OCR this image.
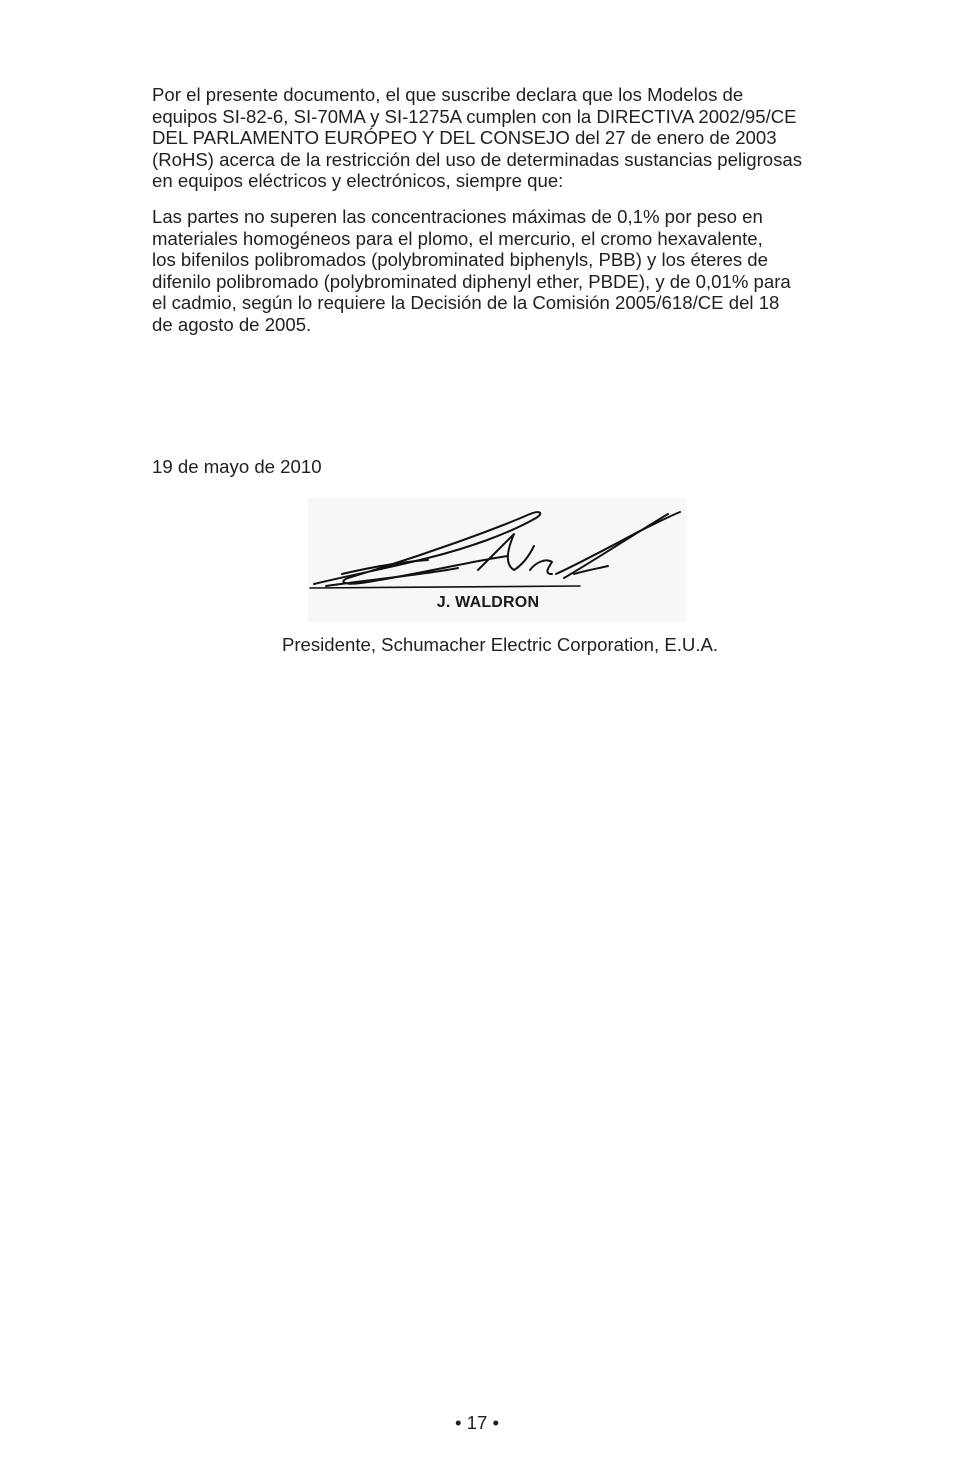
Por el presente documento, el que suscribe declara que los Modelos de
equipos SI-82-6, SI-70MA y SI-1275A cumplen con la DIRECTIVA 2002/95/CE
DEL PARLAMENTO EURÓPEO Y DEL CONSEJO del 27 de enero de 2003
(RoHS) acerca de la restricción del uso de determinadas sustancias peligrosas
en equipos eléctricos y electrónicos, siempre que:

Las partes no superen las concentraciones máximas de 0,1% por peso en
materiales homogéneos para el plomo, el mercurio, el cromo hexavalente,
los bifenilos polibromados (polybrominated biphenyls, PBB) y los éteres de
difenilo polibromado (polybrominated diphenyl ether, PBDE), y de 0,01% para
el cadmio, según lo requiere la Decisión de la Comisión 2005/618/CE del 18
de agosto de 2005.

19 de mayo de 2010

J. WALDRON

Presidente, Schumacher Electric Corporation, E.U.A.

• 17 •
